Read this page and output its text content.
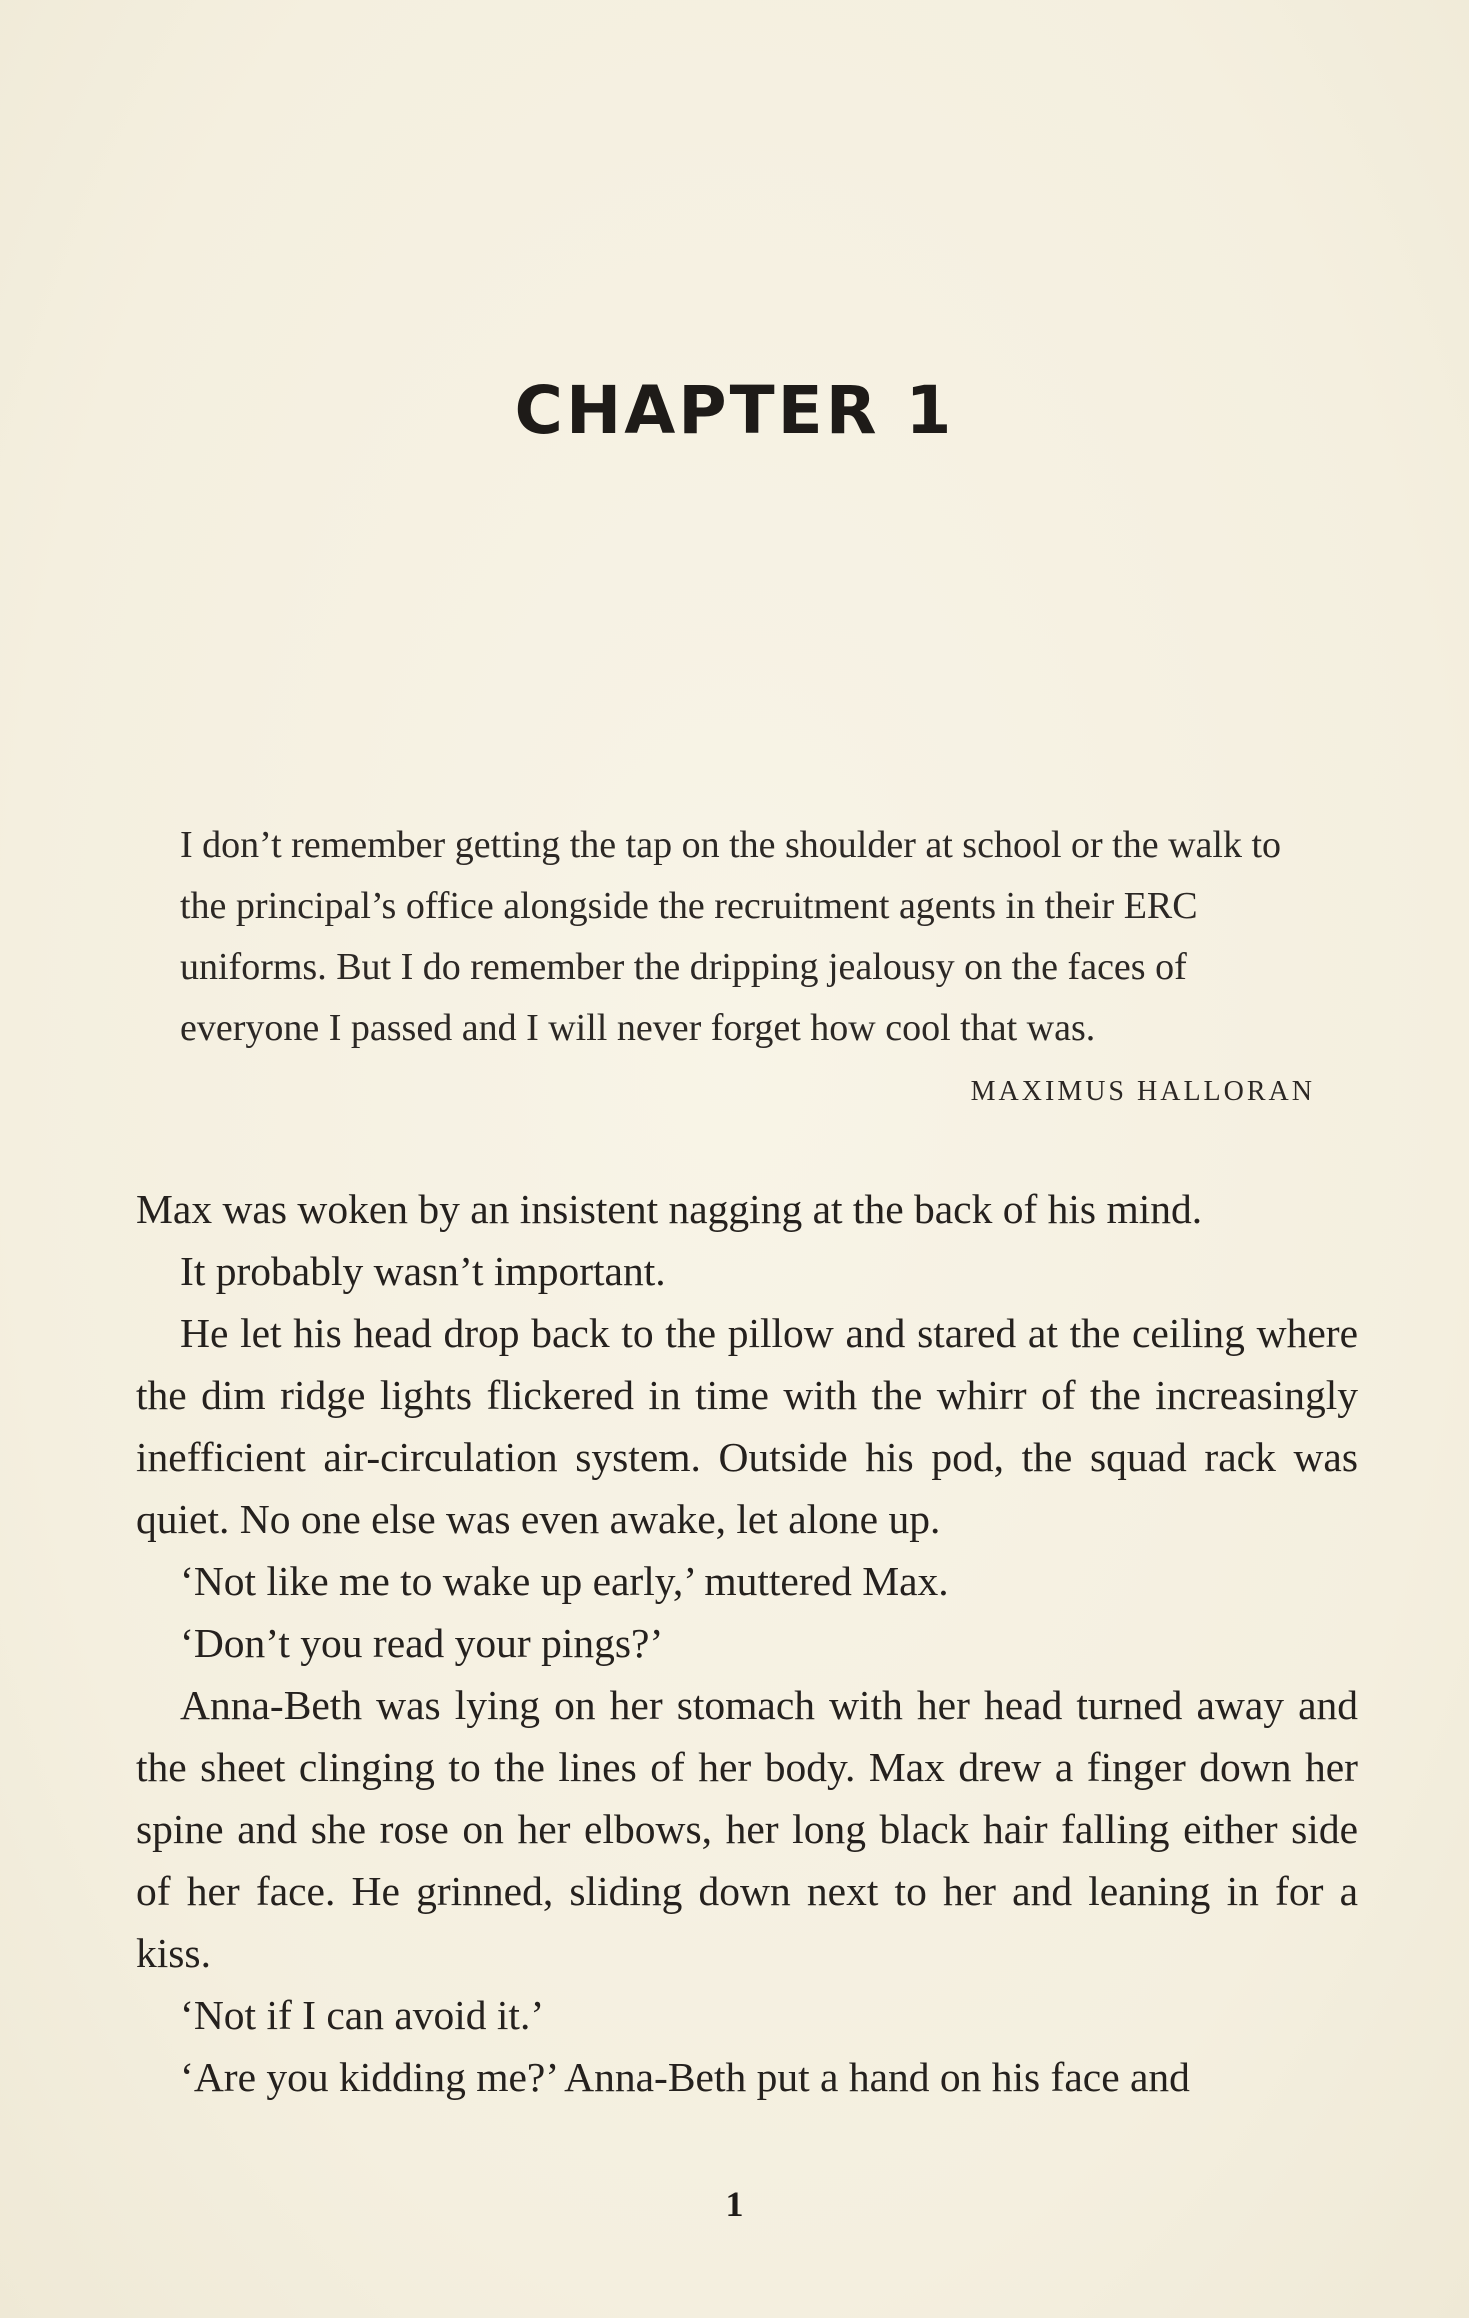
CHAPTER 1
I don’t remember getting the tap on the shoulder at school or the walk to the principal’s office alongside the recruitment agents in their ERC uniforms. But I do remember the dripping jealousy on the faces of everyone I passed and I will never forget how cool that was.
MAXIMUS HALLORAN

Max was woken by an insistent nagging at the back of his mind.

It probably wasn’t important.

He let his head drop back to the pillow and stared at the ceiling where the dim ridge lights flickered in time with the whirr of the increasingly inefficient air-circulation system. Outside his pod, the squad rack was quiet. No one else was even awake, let alone up.

‘Not like me to wake up early,’ muttered Max.

‘Don’t you read your pings?’

Anna-Beth was lying on her stomach with her head turned away and the sheet clinging to the lines of her body. Max drew a finger down her spine and she rose on her elbows, her long black hair falling either side of her face. He grinned, sliding down next to her and leaning in for a kiss.

‘Not if I can avoid it.’

‘Are you kidding me?’ Anna-Beth put a hand on his face and

1
